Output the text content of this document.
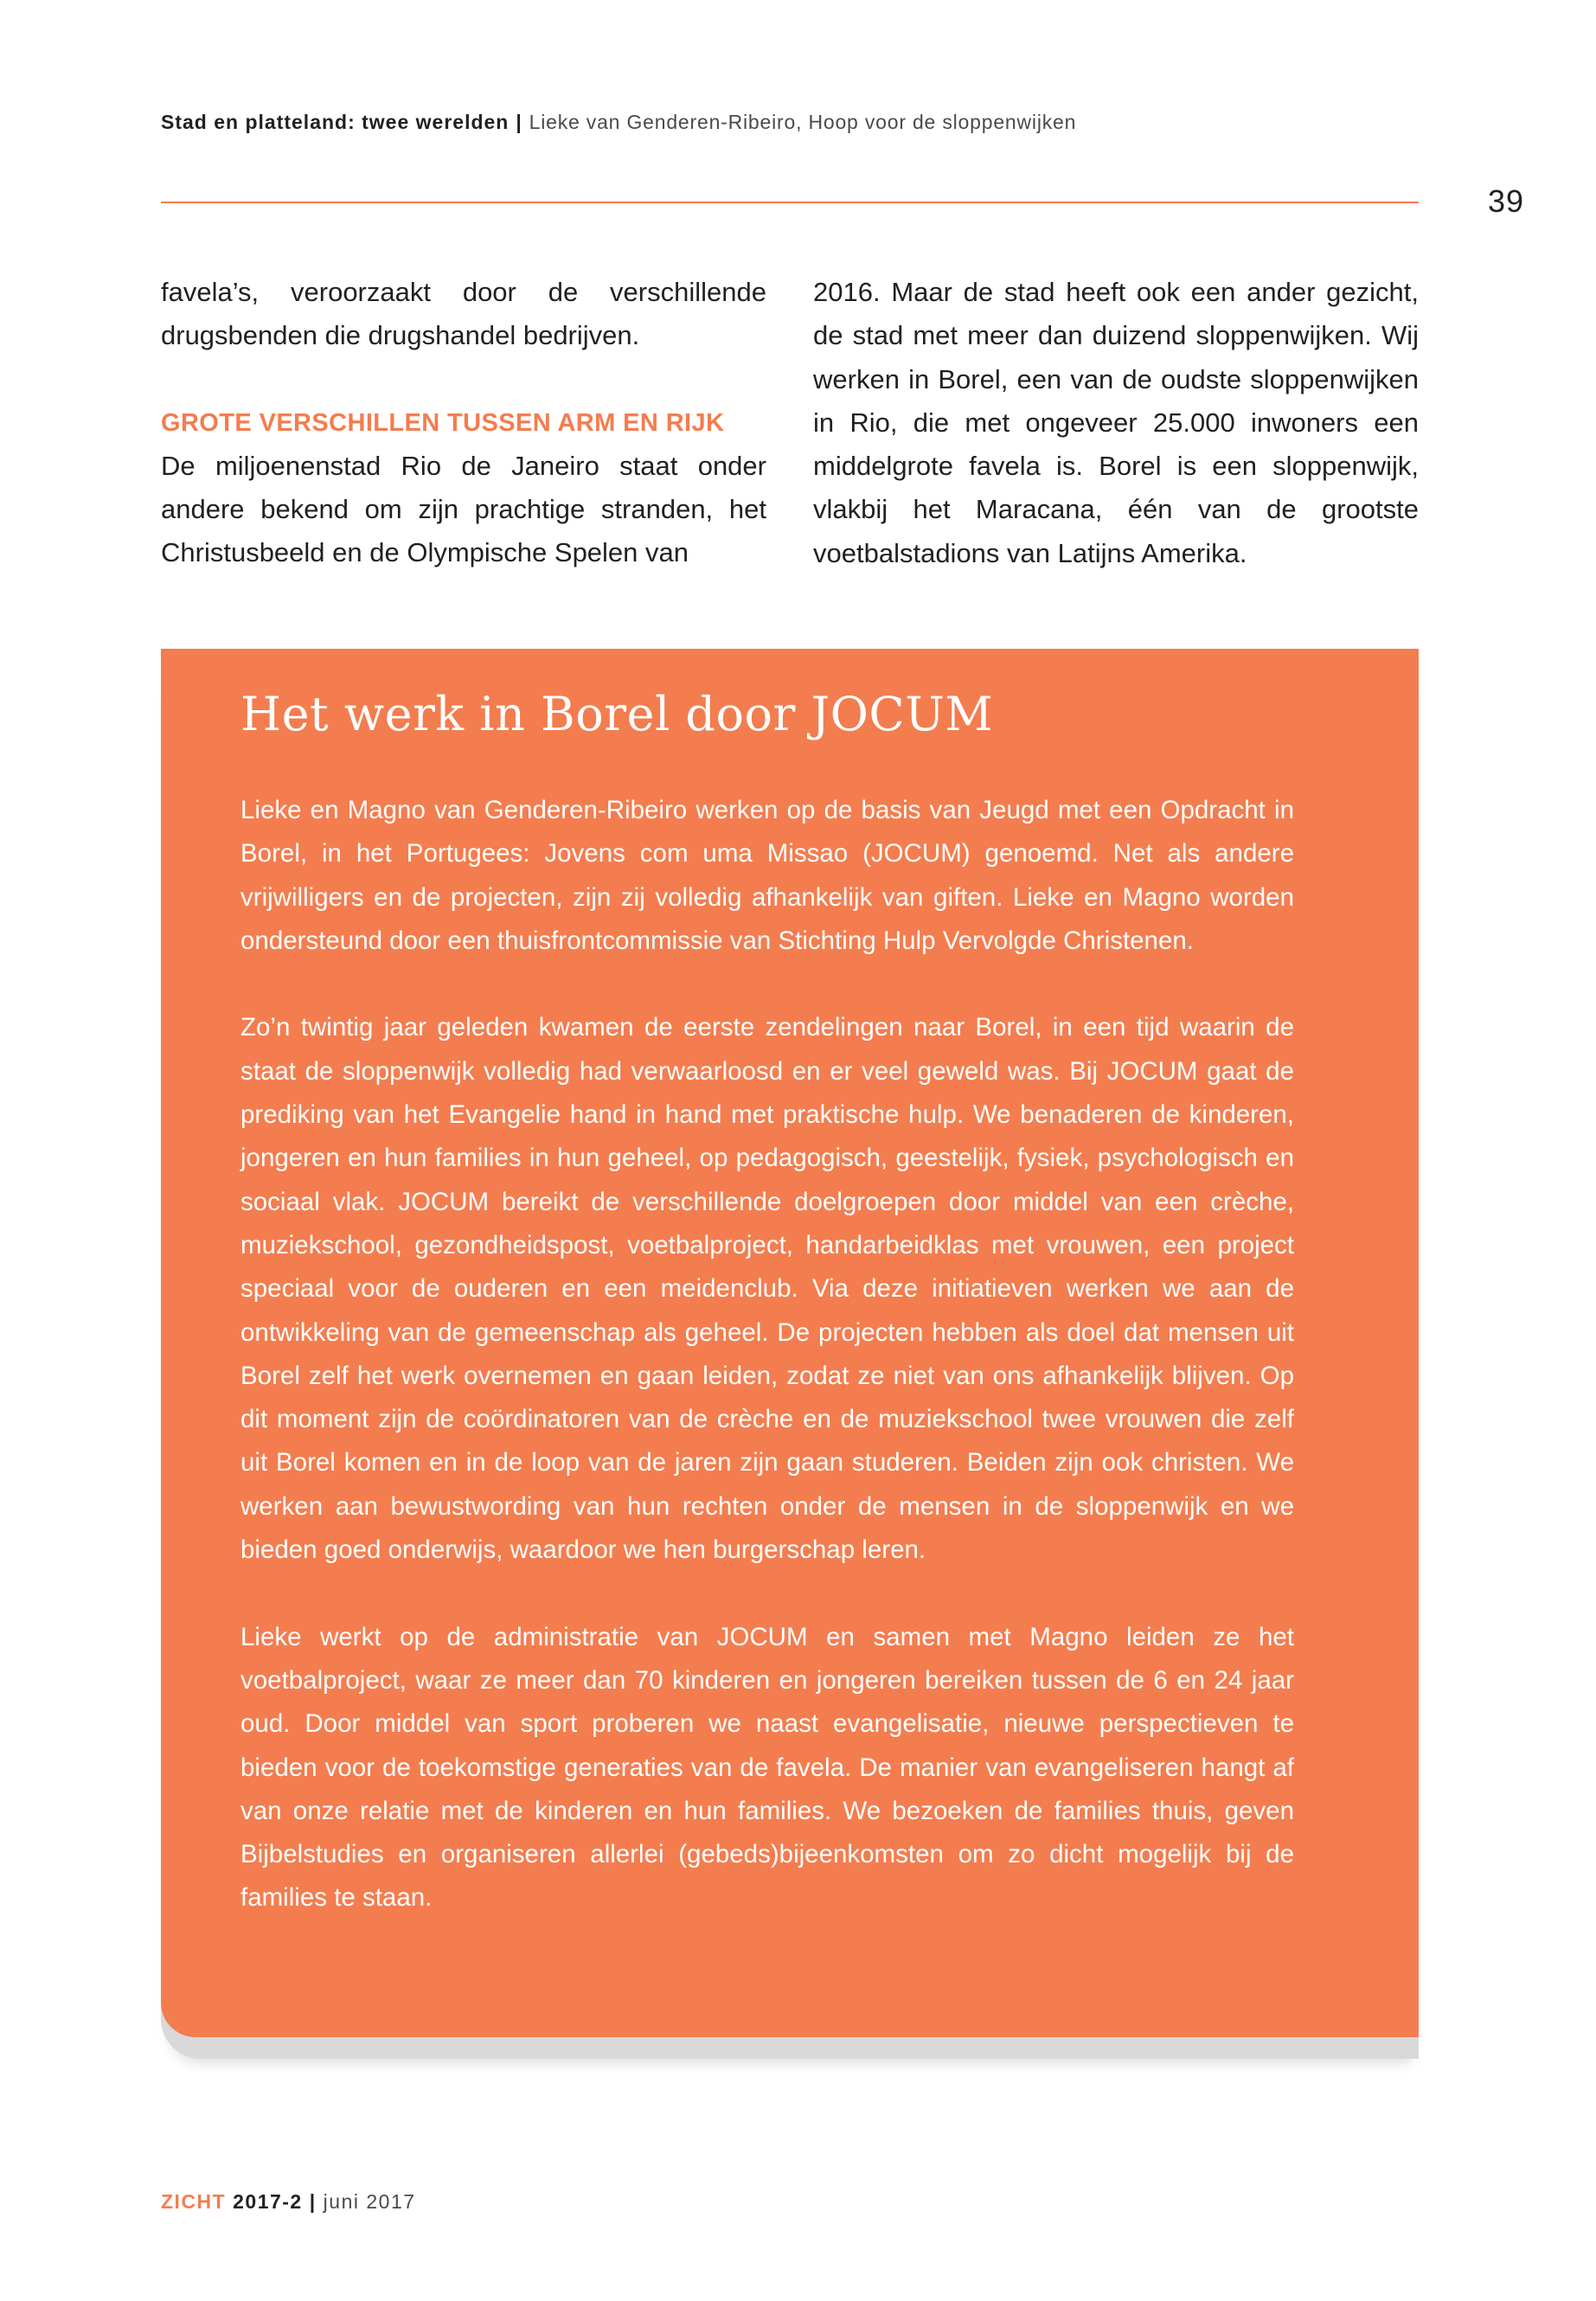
Stad en platteland: twee werelden | Lieke van Genderen-Ribeiro, Hoop voor de sloppenwijken
39

favela’s, veroorzaakt door de verschillende drugsbenden die drugshandel bedrijven.

GROTE VERSCHILLEN TUSSEN ARM EN RIJK

De miljoenenstad Rio de Janeiro staat onder andere bekend om zijn prachtige stranden, het Christusbeeld en de Olympische Spelen van

2016. Maar de stad heeft ook een ander gezicht, de stad met meer dan duizend sloppenwijken. Wij werken in Borel, een van de oudste sloppenwijken in Rio, die met ongeveer 25.000 inwoners een middelgrote favela is. Borel is een sloppenwijk, vlakbij het Maracana, één van de grootste voetbalstadions van Latijns Amerika.

Het werk in Borel door JOCUM

Lieke en Magno van Genderen-Ribeiro werken op de basis van Jeugd met een Opdracht in Borel, in het Portugees: Jovens com uma Missao (JOCUM) genoemd. Net als andere vrijwilligers en de projecten, zijn zij volledig afhankelijk van giften. Lieke en Magno worden ondersteund door een thuisfrontcommissie van Stichting Hulp Vervolgde Christenen.

Zo’n twintig jaar geleden kwamen de eerste zendelingen naar Borel, in een tijd waarin de staat de sloppenwijk volledig had verwaarloosd en er veel geweld was. Bij JOCUM gaat de prediking van het Evangelie hand in hand met praktische hulp. We benaderen de kinderen, jongeren en hun families in hun geheel, op pedagogisch, geestelijk, fysiek, psychologisch en sociaal vlak. JOCUM bereikt de verschillende doelgroepen door middel van een crèche, muziekschool, gezondheidspost, voetbalproject, handarbeidklas met vrouwen, een project speciaal voor de ouderen en een meidenclub. Via deze initiatieven werken we aan de ontwikkeling van de gemeenschap als geheel. De projecten hebben als doel dat mensen uit Borel zelf het werk overnemen en gaan leiden, zodat ze niet van ons afhankelijk blijven. Op dit moment zijn de coördinatoren van de crèche en de muziekschool twee vrouwen die zelf uit Borel komen en in de loop van de jaren zijn gaan studeren. Beiden zijn ook christen. We werken aan bewustwording van hun rechten onder de mensen in de sloppenwijk en we bieden goed onderwijs, waardoor we hen burgerschap leren.

Lieke werkt op de administratie van JOCUM en samen met Magno leiden ze het voetbalproject, waar ze meer dan 70 kinderen en jongeren bereiken tussen de 6 en 24 jaar oud. Door middel van sport proberen we naast evangelisatie, nieuwe perspectieven te bieden voor de toekomstige generaties van de favela. De manier van evangeliseren hangt af van onze relatie met de kinderen en hun families. We bezoeken de families thuis, geven Bijbelstudies en organiseren allerlei (gebeds)bijeenkomsten om zo dicht mogelijk bij de families te staan.

ZICHT 2017-2 | juni 2017
